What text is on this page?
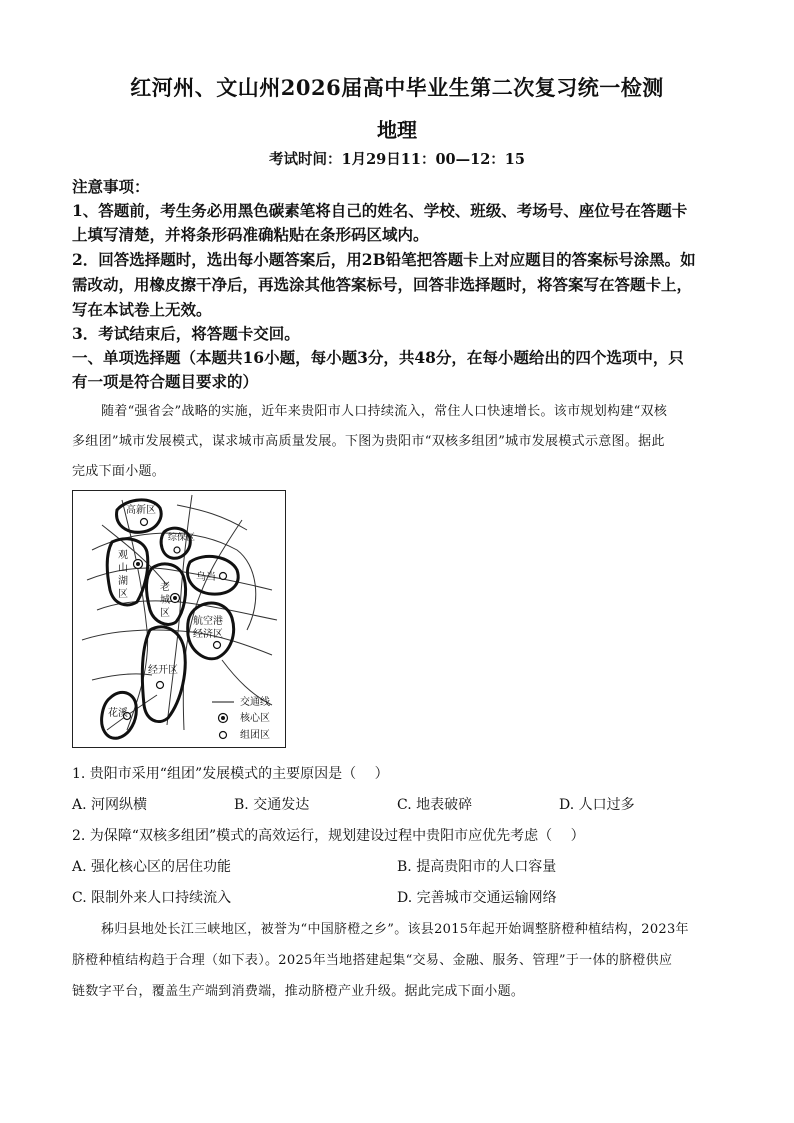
红河州、文山州2026届高中毕业生第二次复习统一检测
地理
考试时间：1月29日11：00—12：15
注意事项：
1、答题前，考生务必用黑色碳素笔将自己的姓名、学校、班级、考场号、座位号在答题卡
上填写清楚，并将条形码准确粘贴在条形码区域内。
2．回答选择题时，选出每小题答案后，用2B铅笔把答题卡上对应题目的答案标号涂黑。如
需改动，用橡皮擦干净后，再选涂其他答案标号，回答非选择题时，将答案写在答题卡上，
写在本试卷上无效。
3．考试结束后，将答题卡交回。
一、单项选择题（本题共16小题，每小题3分，共48分，在每小题给出的四个选项中，只
有一项是符合题目要求的）
随着“强省会”战略的实施，近年来贵阳市人口持续流入，常住人口快速增长。该市规划构建“双核
多组团”城市发展模式，谋求城市高质量发展。下图为贵阳市“双核多组团”城市发展模式示意图。据此
完成下面小题。
高新区
综保区
观
山
湖
区
乌当
老
城
区
航空港
经济区
经开区
花溪
交通线
核心区
组团区
1. 贵阳市采用“组团”发展模式的主要原因是（　 ）
A. 河网纵横	B. 交通发达	C. 地表破碎	D. 人口过多
2. 为保障“双核多组团”模式的高效运行，规划建设过程中贵阳市应优先考虑（　 ）
A. 强化核心区的居住功能	B. 提高贵阳市的人口容量
C. 限制外来人口持续流入	D. 完善城市交通运输网络
秭归县地处长江三峡地区，被誉为“中国脐橙之乡”。该县2015年起开始调整脐橙种植结构，2023年
脐橙种植结构趋于合理（如下表）。2025年当地搭建起集“交易、金融、服务、管理”于一体的脐橙供应
链数字平台，覆盖生产端到消费端，推动脐橙产业升级。据此完成下面小题。
